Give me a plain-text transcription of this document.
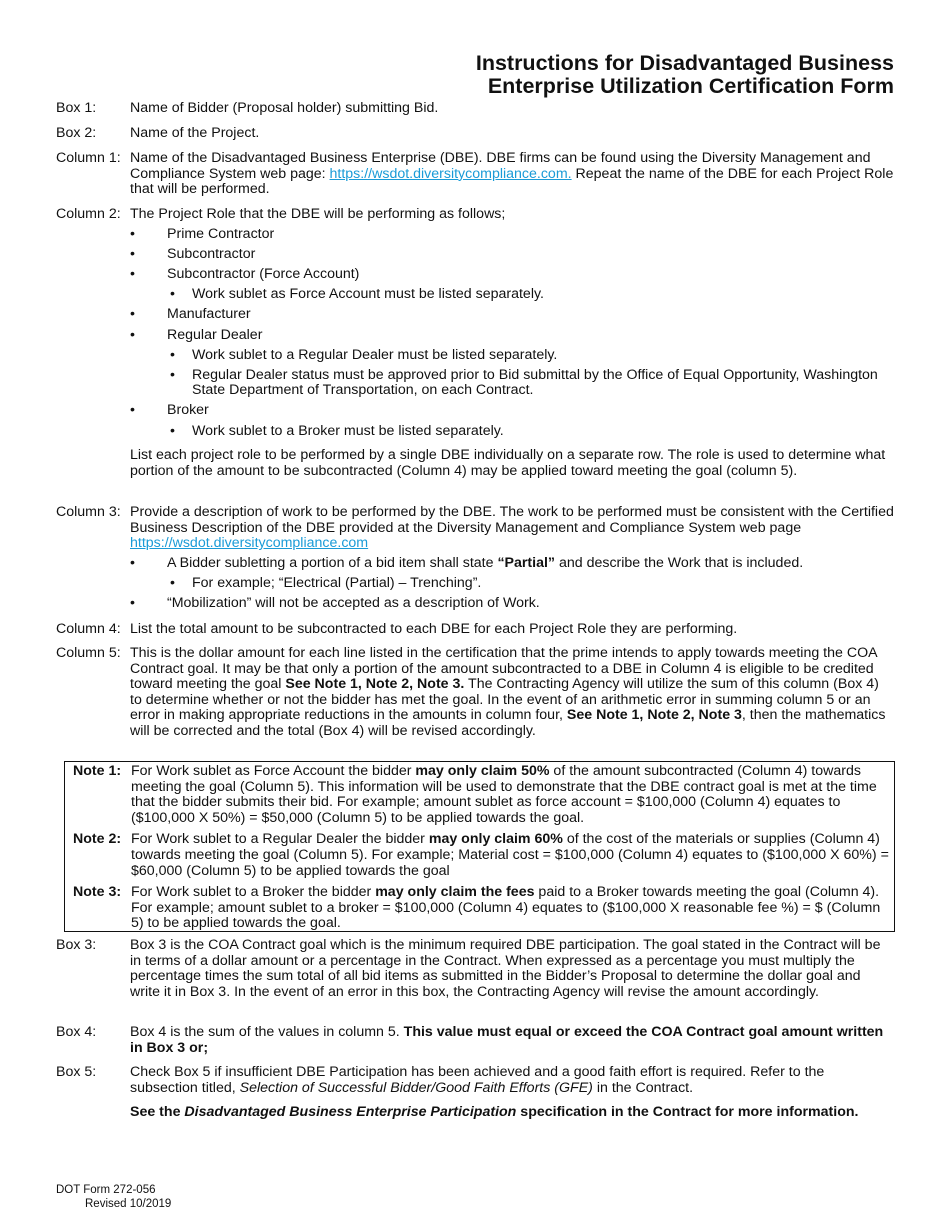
Instructions for Disadvantaged Business
Enterprise Utilization Certification Form
Box 1: Name of Bidder (Proposal holder) submitting Bid.
Box 2: Name of the Project.
Column 1: Name of the Disadvantaged Business Enterprise (DBE). DBE firms can be found using the Diversity Management and Compliance System web page: https://wsdot.diversitycompliance.com. Repeat the name of the DBE for each Project Role that will be performed.
Column 2: The Project Role that the DBE will be performing as follows;
• Prime Contractor
• Subcontractor
• Subcontractor (Force Account)
• Work sublet as Force Account must be listed separately.
• Manufacturer
• Regular Dealer
• Work sublet to a Regular Dealer must be listed separately.
• Regular Dealer status must be approved prior to Bid submittal by the Office of Equal Opportunity, Washington State Department of Transportation, on each Contract.
• Broker
• Work sublet to a Broker must be listed separately.
List each project role to be performed by a single DBE individually on a separate row. The role is used to determine what portion of the amount to be subcontracted (Column 4) may be applied toward meeting the goal (column 5).
Column 3: Provide a description of work to be performed by the DBE. The work to be performed must be consistent with the Certified Business Description of the DBE provided at the Diversity Management and Compliance System web page https://wsdot.diversitycompliance.com
• A Bidder subletting a portion of a bid item shall state “Partial” and describe the Work that is included.
• For example; “Electrical (Partial) – Trenching”.
• “Mobilization” will not be accepted as a description of Work.
Column 4: List the total amount to be subcontracted to each DBE for each Project Role they are performing.
Column 5: This is the dollar amount for each line listed in the certification that the prime intends to apply towards meeting the COA Contract goal. It may be that only a portion of the amount subcontracted to a DBE in Column 4 is eligible to be credited toward meeting the goal See Note 1, Note 2, Note 3. The Contracting Agency will utilize the sum of this column (Box 4) to determine whether or not the bidder has met the goal. In the event of an arithmetic error in summing column 5 or an error in making appropriate reductions in the amounts in column four, See Note 1, Note 2, Note 3, then the mathematics will be corrected and the total (Box 4) will be revised accordingly.
Note 1: For Work sublet as Force Account the bidder may only claim 50% of the amount subcontracted (Column 4) towards meeting the goal (Column 5). This information will be used to demonstrate that the DBE contract goal is met at the time that the bidder submits their bid. For example; amount sublet as force account = $100,000 (Column 4) equates to ($100,000 X 50%) = $50,000 (Column 5) to be applied towards the goal.
Note 2: For Work sublet to a Regular Dealer the bidder may only claim 60% of the cost of the materials or supplies (Column 4) towards meeting the goal (Column 5). For example; Material cost = $100,000 (Column 4) equates to ($100,000 X 60%) = $60,000 (Column 5) to be applied towards the goal
Note 3: For Work sublet to a Broker the bidder may only claim the fees paid to a Broker towards meeting the goal (Column 4). For example; amount sublet to a broker = $100,000 (Column 4) equates to ($100,000 X reasonable fee %) = $ (Column 5) to be applied towards the goal.
Box 3: Box 3 is the COA Contract goal which is the minimum required DBE participation. The goal stated in the Contract will be in terms of a dollar amount or a percentage in the Contract. When expressed as a percentage you must multiply the percentage times the sum total of all bid items as submitted in the Bidder’s Proposal to determine the dollar goal and write it in Box 3. In the event of an error in this box, the Contracting Agency will revise the amount accordingly.
Box 4: Box 4 is the sum of the values in column 5. This value must equal or exceed the COA Contract goal amount written in Box 3 or;
Box 5: Check Box 5 if insufficient DBE Participation has been achieved and a good faith effort is required. Refer to the subsection titled, Selection of Successful Bidder/Good Faith Efforts (GFE) in the Contract.
See the Disadvantaged Business Enterprise Participation specification in the Contract for more information.
DOT Form 272-056
Revised 10/2019
